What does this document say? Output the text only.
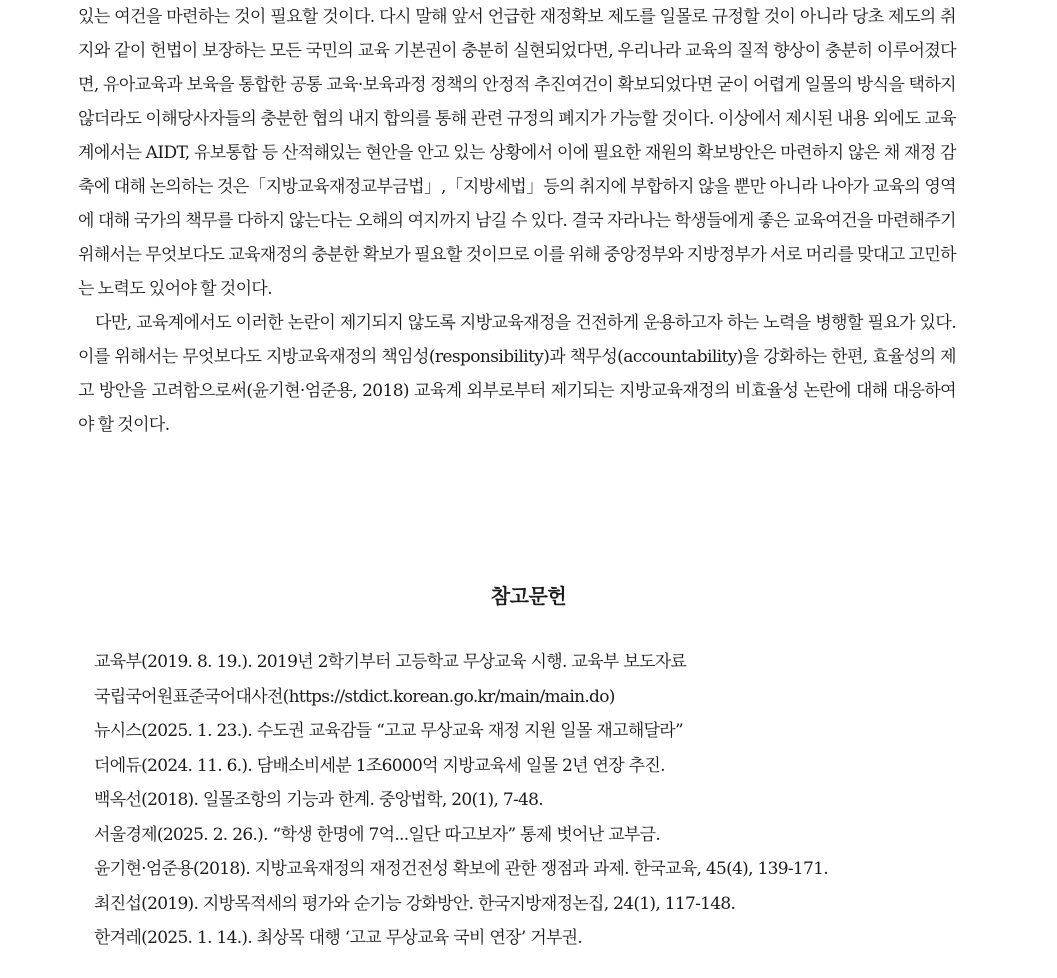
있는 여건을 마련하는 것이 필요할 것이다. 다시 말해 앞서 언급한 재정확보 제도를 일몰로 규정할 것이 아니라 당초 제도의 취지와 같이 헌법이 보장하는 모든 국민의 교육 기본권이 충분히 실현되었다면, 우리나라 교육의 질적 향상이 충분히 이루어졌다면, 유아교육과 보육을 통합한 공통 교육·보육과정 정책의 안정적 추진여건이 확보되었다면 굳이 어렵게 일몰의 방식을 택하지 않더라도 이해당사자들의 충분한 협의 내지 합의를 통해 관련 규정의 폐지가 가능할 것이다. 이상에서 제시된 내용 외에도 교육계에서는 AIDT, 유보통합 등 산적해있는 현안을 안고 있는 상황에서 이에 필요한 재원의 확보방안은 마련하지 않은 채 재정 감축에 대해 논의하는 것은「지방교육재정교부금법」,「지방세법」등의 취지에 부합하지 않을 뿐만 아니라 나아가 교육의 영역에 대해 국가의 책무를 다하지 않는다는 오해의 여지까지 남길 수 있다. 결국 자라나는 학생들에게 좋은 교육여건을 마련해주기 위해서는 무엇보다도 교육재정의 충분한 확보가 필요할 것이므로 이를 위해 중앙정부와 지방정부가 서로 머리를 맞대고 고민하는 노력도 있어야 할 것이다.

다만, 교육계에서도 이러한 논란이 제기되지 않도록 지방교육재정을 건전하게 운용하고자 하는 노력을 병행할 필요가 있다. 이를 위해서는 무엇보다도 지방교육재정의 책임성(responsibility)과 책무성(accountability)을 강화하는 한편, 효율성의 제고 방안을 고려함으로써(윤기현·엄준용, 2018) 교육계 외부로부터 제기되는 지방교육재정의 비효율성 논란에 대해 대응하여야 할 것이다.

참고문헌
교육부(2019. 8. 19.). 2019년 2학기부터 고등학교 무상교육 시행. 교육부 보도자료
국립국어원표준국어대사전(https://stdict.korean.go.kr/main/main.do)
뉴시스(2025. 1. 23.). 수도권 교육감들 “고교 무상교육 재정 지원 일몰 재고해달라”
더에듀(2024. 11. 6.). 담배소비세분 1조6000억 지방교육세 일몰 2년 연장 추진.
백옥선(2018). 일몰조항의 기능과 한계. 중앙법학, 20(1), 7-48.
서울경제(2025. 2. 26.). “학생 한명에 7억...일단 따고보자” 통제 벗어난 교부금.
윤기현·엄준용(2018). 지방교육재정의 재정건전성 확보에 관한 쟁점과 과제. 한국교육, 45(4), 139-171.
최진섭(2019). 지방목적세의 평가와 순기능 강화방안. 한국지방재정논집, 24(1), 117-148.
한겨레(2025. 1. 14.). 최상목 대행 ‘고교 무상교육 국비 연장’ 거부권.
